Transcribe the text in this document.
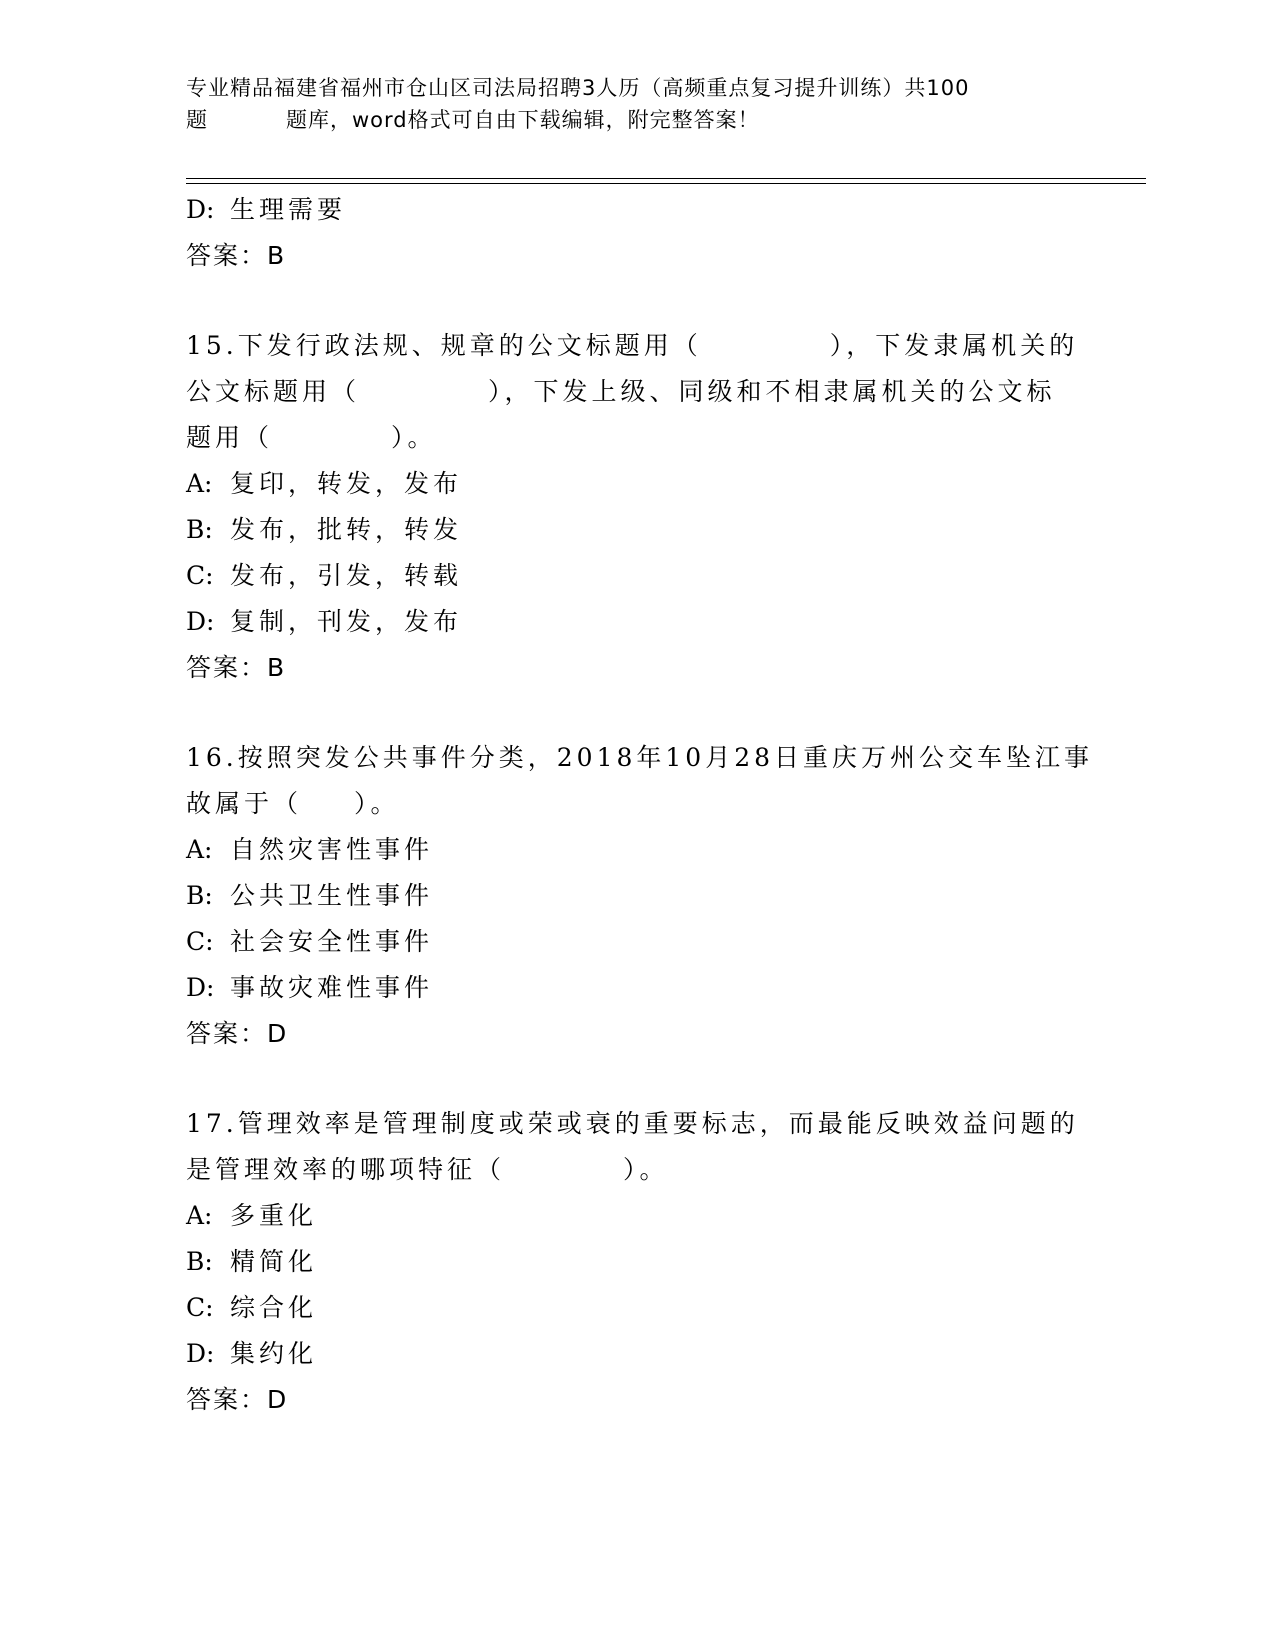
专业精品福建省福州市仓山区司法局招聘3人历（高频重点复习提升训练）共100
题	题库，word格式可自由下载编辑，附完整答案！
D: 生理需要
答案：B
15.下发行政法规、规章的公文标题用（	），下发隶属机关的
公文标题用（	），下发上级、同级和不相隶属机关的公文标
题用（	）。
A: 复印，转发，发布
B: 发布，批转，转发
C: 发布，引发，转载
D: 复制，刊发，发布
答案：B
16.按照突发公共事件分类，2018年10月28日重庆万州公交车坠江事
故属于（ ）。
A: 自然灾害性事件
B: 公共卫生性事件
C: 社会安全性事件
D: 事故灾难性事件
答案：D
17.管理效率是管理制度或荣或衰的重要标志，而最能反映效益问题的
是管理效率的哪项特征（	）。
A: 多重化
B: 精简化
C: 综合化
D: 集约化
答案：D
